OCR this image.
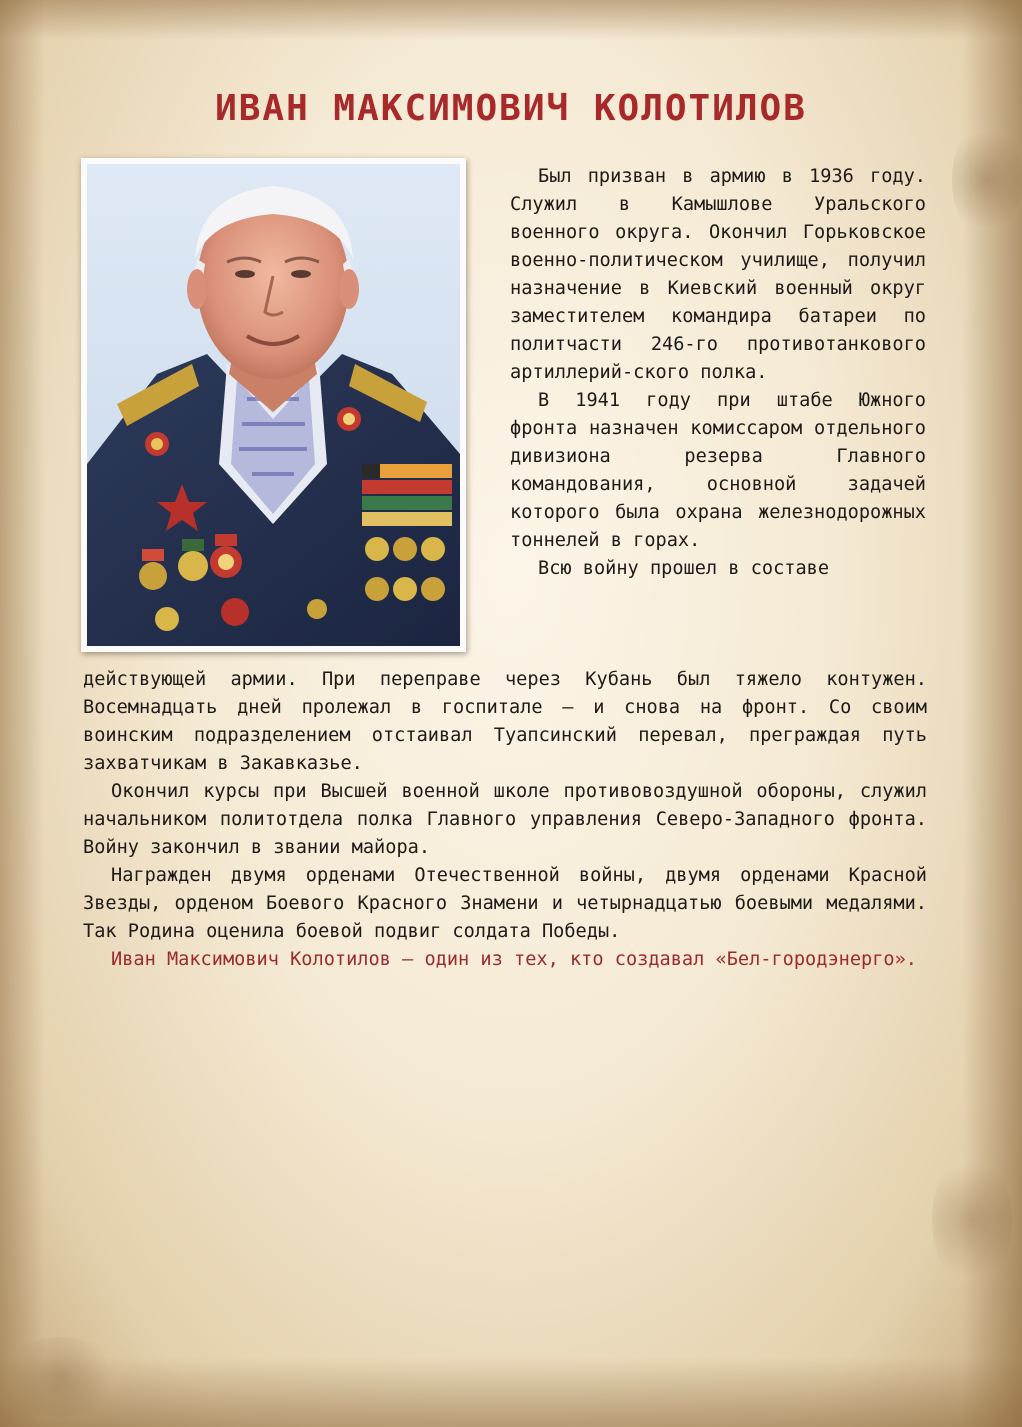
ИВАН МАКСИМОВИЧ КОЛОТИЛОВ

Был призван в армию в 1936 году. Служил в Камышлове Уральского военного округа. Окончил Горьковское военно-политическом училище, получил назначение в Киевский военный округ заместителем командира батареи по политчасти 246-го противотанкового артиллерий-ского полка.

В 1941 году при штабе Южного фронта назначен комиссаром отдельного дивизиона резерва Главного командования, основной задачей которого была охрана железнодорожных тоннелей в горах.

Всю войну прошел в составе

действующей армии. При переправе через Кубань был тяжело контужен. Восемнадцать дней пролежал в госпитале – и снова на фронт. Со своим воинским подразделением отстаивал Туапсинский перевал, преграждая путь захватчикам в Закавказье.

Окончил курсы при Высшей военной школе противовоздушной обороны, служил начальником политотдела полка Главного управления Северо-Западного фронта. Войну закончил в звании майора.

Награжден двумя орденами Отечественной войны, двумя орденами Красной Звезды, орденом Боевого Красного Знамени и четырнадцатью боевыми медалями. Так Родина оценила боевой подвиг солдата Победы.

Иван Максимович Колотилов – один из тех, кто создавал «Бел-городэнерго».
